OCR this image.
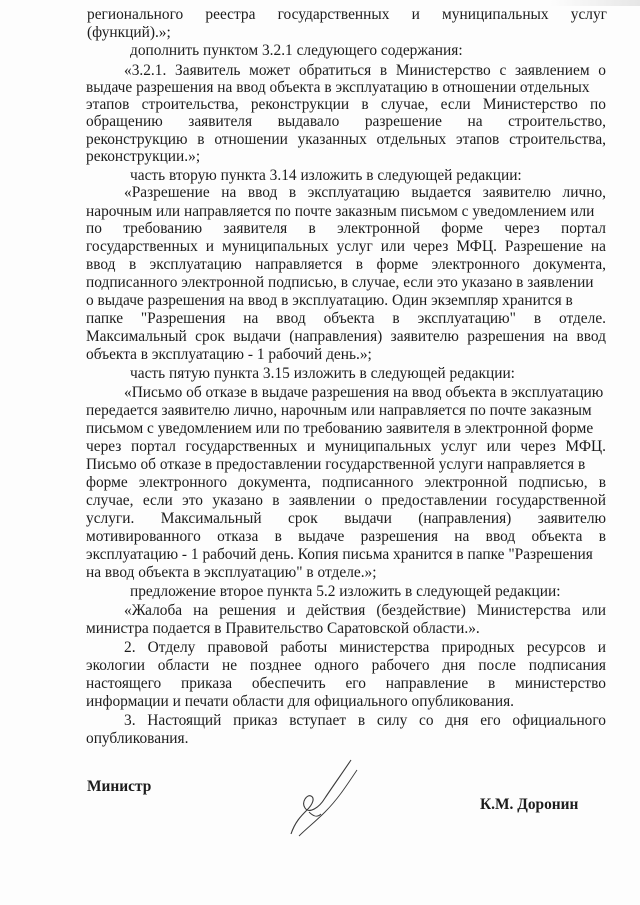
регионального реестра государственных и муниципальных услуг
(функций).»;
дополнить пунктом 3.2.1 следующего содержания:
«3.2.1. Заявитель может обратиться в Министерство с заявлением о
выдаче разрешения на ввод объекта в эксплуатацию в отношении отдельных
этапов строительства, реконструкции в случае, если Министерство по
обращению заявителя выдавало разрешение на строительство,
реконструкцию в отношении указанных отдельных этапов строительства,
реконструкции.»;
часть вторую пункта 3.14 изложить в следующей редакции:
«Разрешение на ввод в эксплуатацию выдается заявителю лично,
нарочным или направляется по почте заказным письмом с уведомлением или
по требованию заявителя в электронной форме через портал
государственных и муниципальных услуг или через МФЦ. Разрешение на
ввод в эксплуатацию направляется в форме электронного документа,
подписанного электронной подписью, в случае, если это указано в заявлении
о выдаче разрешения на ввод в эксплуатацию. Один экземпляр хранится в
папке "Разрешения на ввод объекта в эксплуатацию" в отделе.
Максимальный срок выдачи (направления) заявителю разрешения на ввод
объекта в эксплуатацию - 1 рабочий день.»;
часть пятую пункта 3.15 изложить в следующей редакции:
«Письмо об отказе в выдаче разрешения на ввод объекта в эксплуатацию
передается заявителю лично, нарочным или направляется по почте заказным
письмом с уведомлением или по требованию заявителя в электронной форме
через портал государственных и муниципальных услуг или через МФЦ.
Письмо об отказе в предоставлении государственной услуги направляется в
форме электронного документа, подписанного электронной подписью, в
случае, если это указано в заявлении о предоставлении государственной
услуги. Максимальный срок выдачи (направления) заявителю
мотивированного отказа в выдаче разрешения на ввод объекта в
эксплуатацию - 1 рабочий день. Копия письма хранится в папке "Разрешения
на ввод объекта в эксплуатацию" в отделе.»;
предложение второе пункта 5.2 изложить в следующей редакции:
«Жалоба на решения и действия (бездействие) Министерства или
министра подается в Правительство Саратовской области.».
2. Отделу правовой работы министерства природных ресурсов и
экологии области не позднее одного рабочего дня после подписания
настоящего приказа обеспечить его направление в министерство
информации и печати области для официального опубликования.
3. Настоящий приказ вступает в силу со дня его официального
опубликования.
Министр
К.М. Доронин
